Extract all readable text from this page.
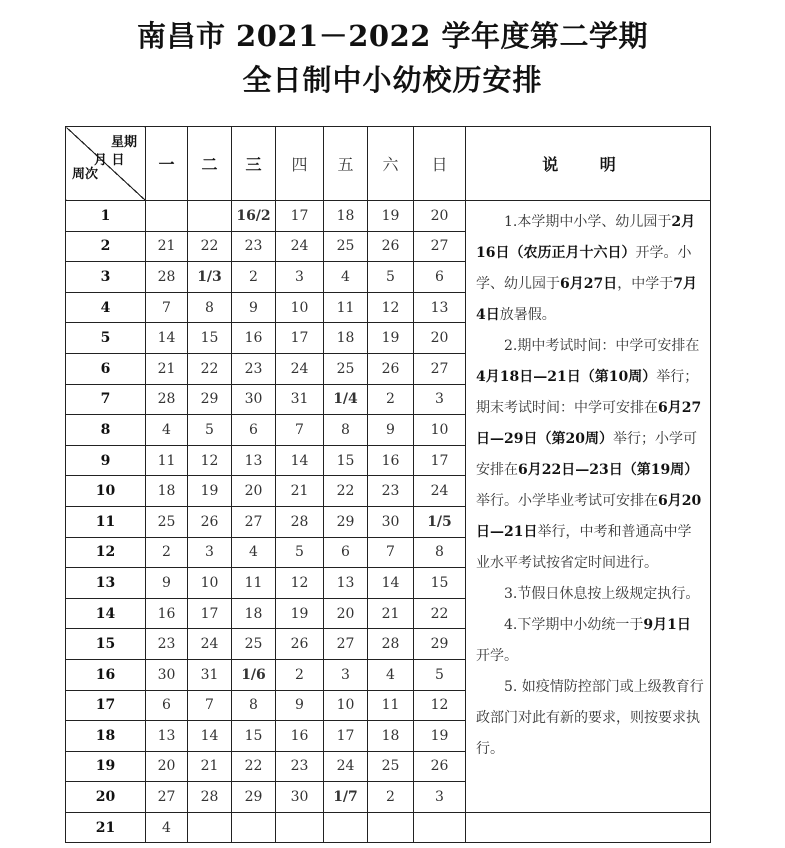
南昌市 2021－2022 学年度第二学期
全日制中小幼校历安排
星期
月 日
周次	一	二	三	四	五	六	日	说 明
1			16/2	17	18	19	20	1.本学期中小学、幼儿园于2月16日（农历正月十六日）开学。小学、幼儿园于6月27日，中学于7月4日放暑假。

2.期中考试时间：中学可安排在4月18日—21日（第10周）举行；期末考试时间：中学可安排在6月27日—29日（第20周）举行；小学可安排在6月22日—23日（第19周）举行。小学毕业考试可安排在6月20日—21日举行，中考和普通高中学业水平考试按省定时间进行。

3.节假日休息按上级规定执行。

4.下学期中小幼统一于9月1日开学。

5. 如疫情防控部门或上级教育行政部门对此有新的要求，则按要求执行。

2	21	22	23	24	25	26	27	
3	28	1/3	2	3	4	5	6	
4	7	8	9	10	11	12	13	
5	14	15	16	17	18	19	20	
6	21	22	23	24	25	26	27	
7	28	29	30	31	1/4	2	3	
8	4	5	6	7	8	9	10	
9	11	12	13	14	15	16	17	
10	18	19	20	21	22	23	24	
11	25	26	27	28	29	30	1/5	
12	2	3	4	5	6	7	8	
13	9	10	11	12	13	14	15	
14	16	17	18	19	20	21	22	
15	23	24	25	26	27	28	29	
16	30	31	1/6	2	3	4	5	
17	6	7	8	9	10	11	12	
18	13	14	15	16	17	18	19	
19	20	21	22	23	24	25	26	
20	27	28	29	30	1/7	2	3	
21	4							
